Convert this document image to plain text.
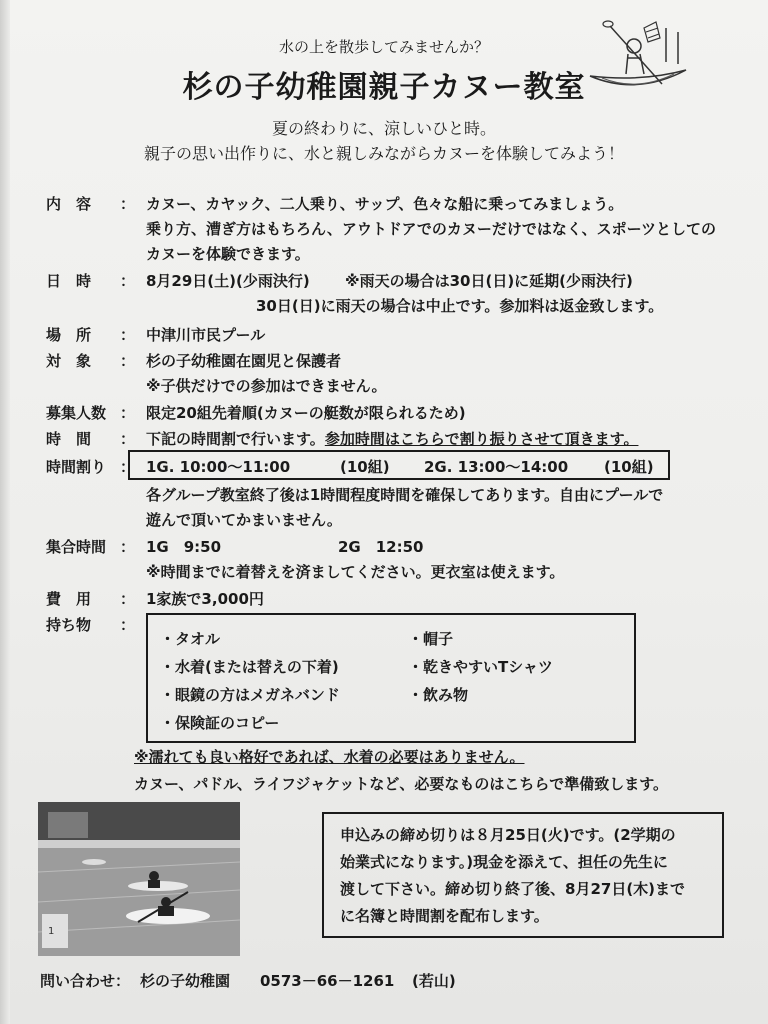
水の上を散歩してみませんか？
杉の子幼稚園親子カヌー教室
夏の終わりに、涼しいひと時。
親子の思い出作りに、水と親しみながらカヌーを体験してみよう！
内　容 ： カヌー、カヤック、二人乗り、サップ、色々な船に乗ってみましょう。
乗り方、漕ぎ方はもちろん、アウトドアでのカヌーだけではなく、スポーツとしての
カヌーを体験できます。
日　時 ： 8月29日(土)(少雨決行) ※雨天の場合は30日(日)に延期(少雨決行)
30日(日)に雨天の場合は中止です。参加料は返金致します。
場　所 ： 中津川市民プール
対　象 ： 杉の子幼稚園在園児と保護者
※子供だけでの参加はできません。
募集人数 ： 限定20組先着順(カヌーの艇数が限られるため)
時　間 ： 下記の時間割で行います。参加時間はこちらで割り振りさせて頂きます。
時間割り ： 1G. 10:00～11:00	(10組) 2G. 13:00～14:00 (10組)
各グループ教室終了後は1時間程度時間を確保してあります。自由にプールで
遊んで頂いてかまいません。
集合時間 ： 1G　9:50	2G　12:50
※時間までに着替えを済ましてください。更衣室は使えます。
費　用 ： 1家族で3,000円
持ち物 ：
・タオル
・水着(または替えの下着)
・眼鏡の方はメガネバンド
・保険証のコピー
・帽子
・乾きやすいTシャツ
・飲み物
※濡れても良い格好であれば、水着の必要はありません。
カヌー、パドル、ライフジャケットなど、必要なものはこちらで準備致します。
1
申込みの締め切りは８月25日(火)です。(2学期の
始業式になります。)現金を添えて、担任の先生に
渡して下さい。締め切り終了後、8月27日(木)まで
に名簿と時間割を配布します。
問い合わせ： 杉の子幼稚園 0573－66－1261 (若山)
